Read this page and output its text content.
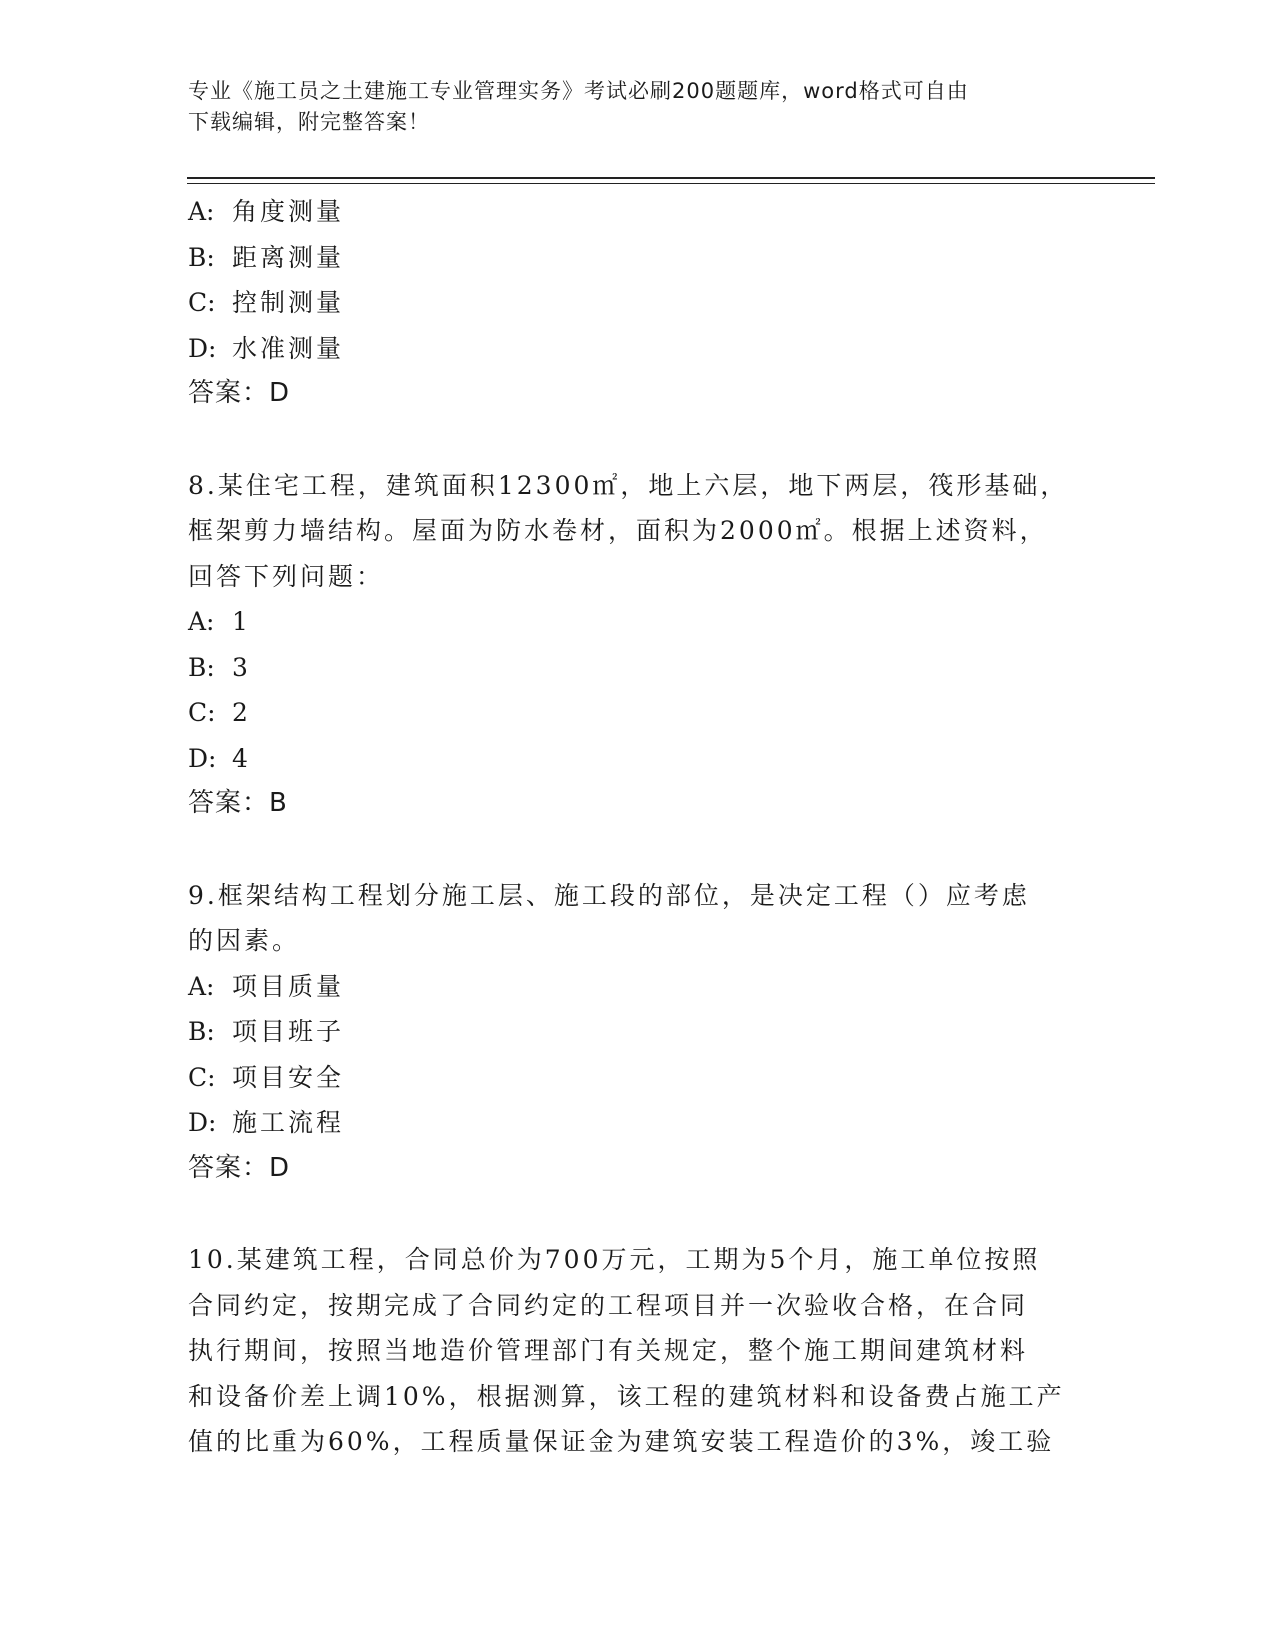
专业《施工员之土建施工专业管理实务》考试必刷200题题库，word格式可自由
下载编辑，附完整答案！
A: 角度测量
B: 距离测量
C: 控制测量
D: 水准测量
答案：D
8.某住宅工程，建筑面积12300㎡，地上六层，地下两层，筏形基础，
框架剪力墙结构。屋面为防水卷材，面积为2000㎡。根据上述资料，
回答下列问题：
A: 1
B: 3
C: 2
D: 4
答案：B
9.框架结构工程划分施工层、施工段的部位，是决定工程（）应考虑
的因素。
A: 项目质量
B: 项目班子
C: 项目安全
D: 施工流程
答案：D
10.某建筑工程，合同总价为700万元，工期为5个月，施工单位按照
合同约定，按期完成了合同约定的工程项目并一次验收合格，在合同
执行期间，按照当地造价管理部门有关规定，整个施工期间建筑材料
和设备价差上调10%，根据测算，该工程的建筑材料和设备费占施工产
值的比重为60%，工程质量保证金为建筑安装工程造价的3%，竣工验
